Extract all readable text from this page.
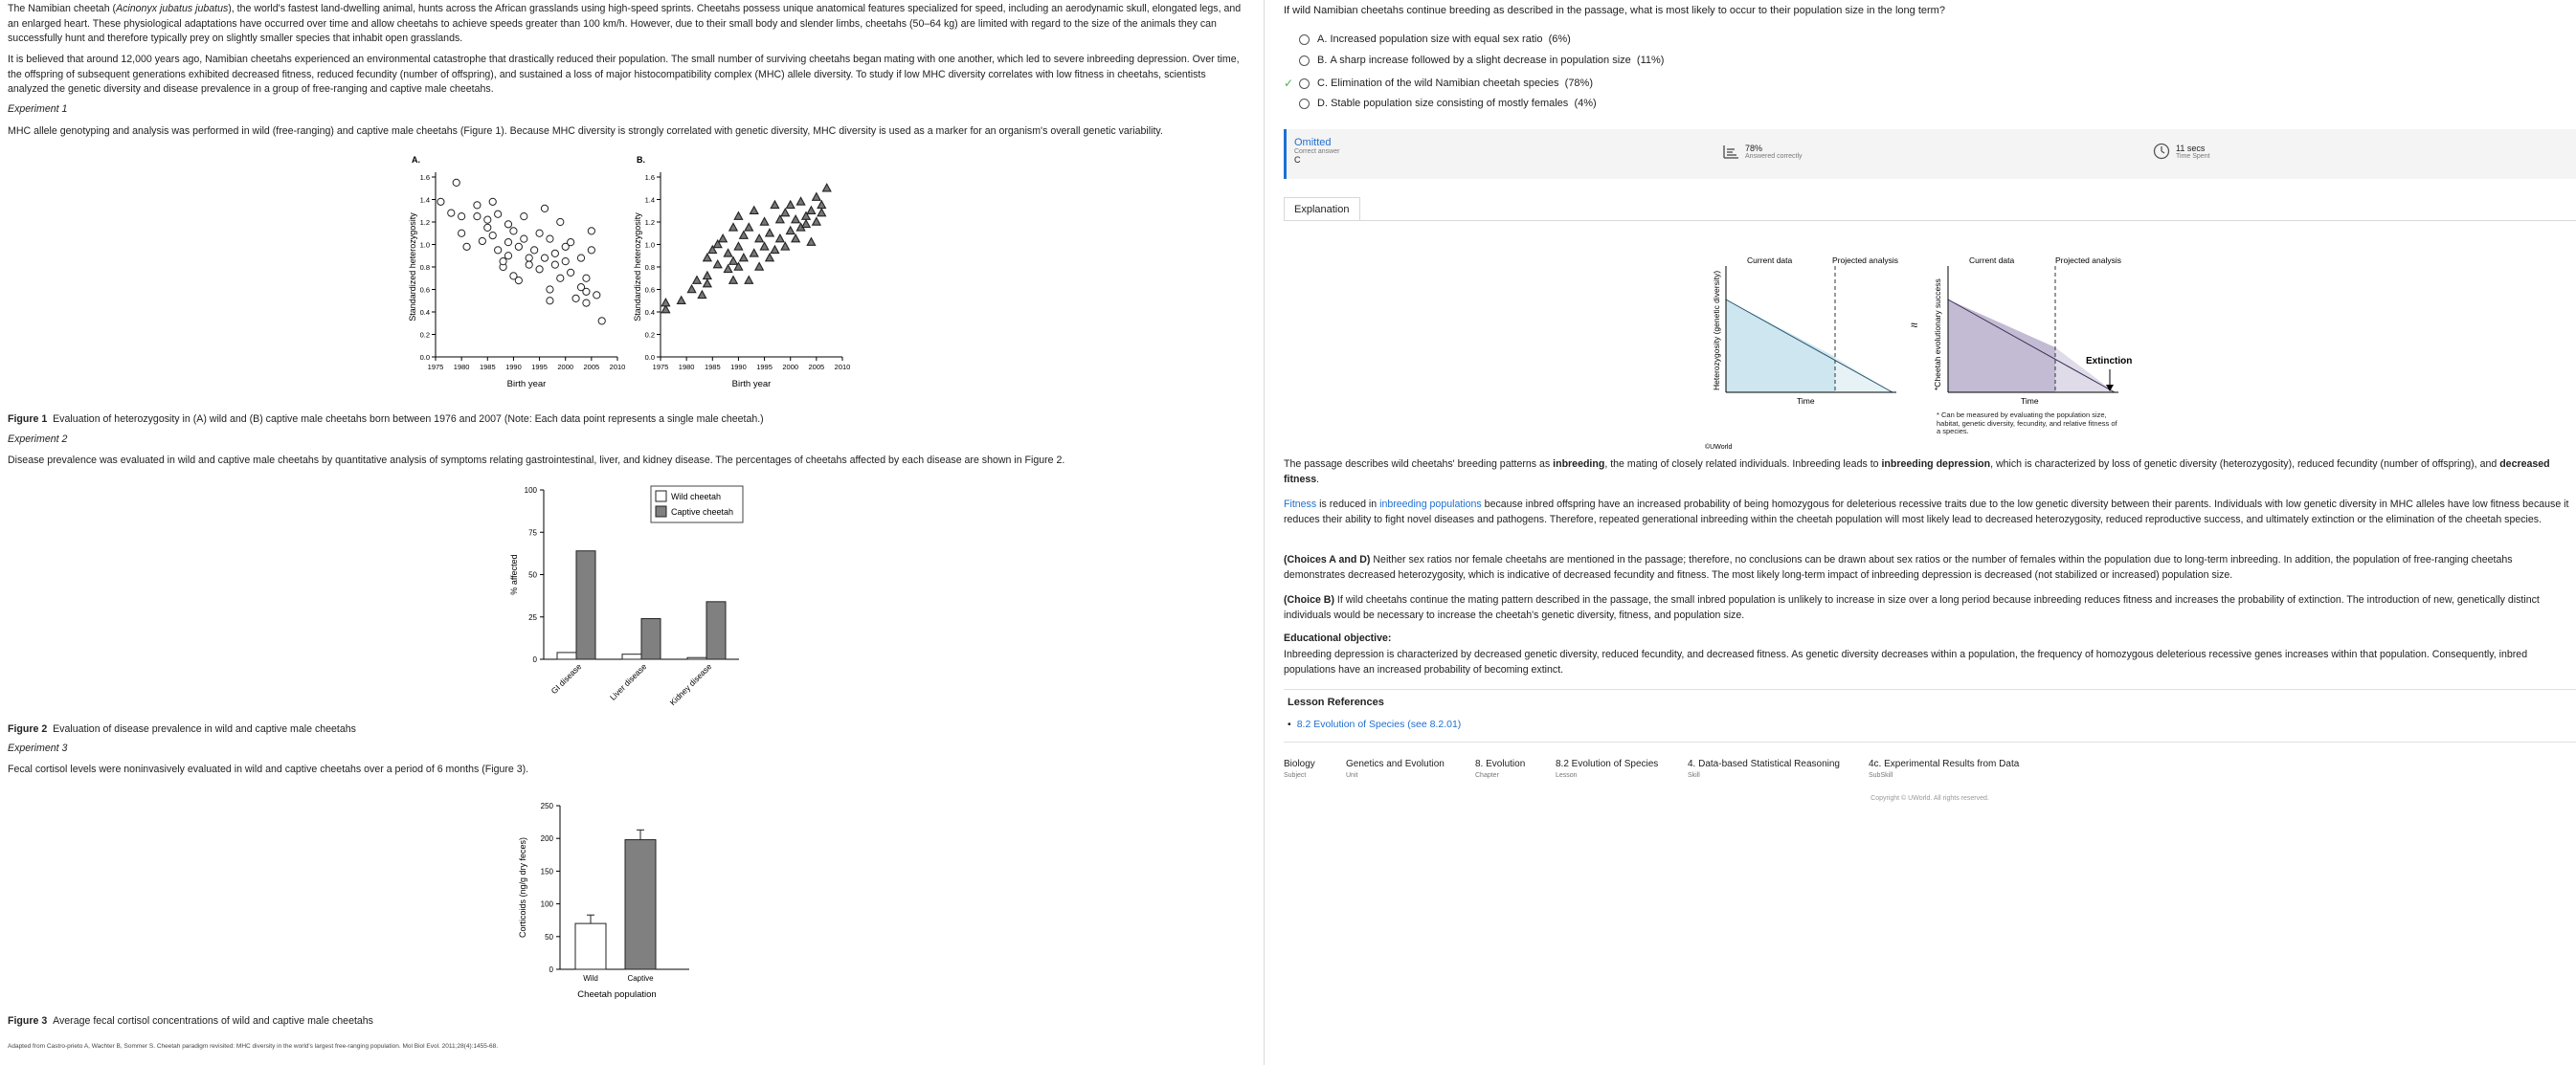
The Namibian cheetah (Acinonyx jubatus jubatus), the world's fastest land-dwelling animal, hunts across the African grasslands using high-speed sprints. Cheetahs possess unique anatomical features specialized for speed, including an aerodynamic skull, elongated legs, and an enlarged heart. These physiological adaptations have occurred over time and allow cheetahs to achieve speeds greater than 100 km/h. However, due to their small body and slender limbs, cheetahs (50–64 kg) are limited with regard to the size of the animals they can successfully hunt and therefore typically prey on slightly smaller species that inhabit open grasslands.

It is believed that around 12,000 years ago, Namibian cheetahs experienced an environmental catastrophe that drastically reduced their population. The small number of surviving cheetahs began mating with one another, which led to severe inbreeding depression. Over time, the offspring of subsequent generations exhibited decreased fitness, reduced fecundity (number of offspring), and sustained a loss of major histocompatibility complex (MHC) allele diversity. To study if low MHC diversity correlates with low fitness in cheetahs, scientists analyzed the genetic diversity and disease prevalence in a group of free-ranging and captive male cheetahs.

Experiment 1

MHC allele genotyping and analysis was performed in wild (free-ranging) and captive male cheetahs (Figure 1). Because MHC diversity is strongly correlated with genetic diversity, MHC diversity is used as a marker for an organism's overall genetic variability.

A.
0.0
0.2
0.4
0.6
0.8
1.0
1.2
1.4
1.6
1975 1980 1985 1990 1995 2000 2005 2010
Birth year
Standardized heterozygosity
B.
0.0
0.2
0.4
0.6
0.8
1.0
1.2
1.4
1.6
1975 1980 1985 1990 1995 2000 2005 2010
Birth year
Standardized heterozygosity
Figure 1 Evaluation of heterozygosity in (A) wild and (B) captive male cheetahs born between 1976 and 2007 (Note: Each data point represents a single male cheetah.)
Experiment 2

Disease prevalence was evaluated in wild and captive male cheetahs by quantitative analysis of symptoms relating gastrointestinal, liver, and kidney disease. The percentages of cheetahs affected by each disease are shown in Figure 2.

0
25
50
75
100
% affected
GI disease	Liver disease Kidney disease
Wild cheetah
Captive cheetah
Figure 2 Evaluation of disease prevalence in wild and captive male cheetahs
Experiment 3

Fecal cortisol levels were noninvasively evaluated in wild and captive cheetahs over a period of 6 months (Figure 3).

0
50
100
150
200
250
Corticoids (ng/g dry feces)
Wild	Captive
Cheetah population
Figure 3 Average fecal cortisol concentrations of wild and captive male cheetahs
Adapted from Castro-prieto A, Wachter B, Sommer S. Cheetah paradigm revisited: MHC diversity in the world's largest free-ranging population. Mol Biol Evol. 2011;28(4):1455-68.
If wild Namibian cheetahs continue breeding as described in the passage, what is most likely to occur to their population size in the long term?
A.
Increased population size with equal sex ratio
(6%)
B.
A sharp increase followed by a slight decrease in population size
(11%)
✓	C.
Elimination of the wild Namibian cheetah species
(78%)
D.
Stable population size consisting of mostly females
(4%)
Omitted
Correct answer
C
78%
Answered correctly
11 secs
Time Spent
Explanation
Current data	Projected analysis	Current data	Projected analysis
Heterozygosity (genetic diversity)
Time
≈ *Cheetah evolutionary success
Time
Extinction
* Can be measured by evaluating the population size, habitat, genetic diversity, fecundity, and relative fitness of a species.
©UWorld

The passage describes wild cheetahs' breeding patterns as inbreeding, the mating of closely related individuals. Inbreeding leads to inbreeding depression, which is characterized by loss of genetic diversity (heterozygosity), reduced fecundity (number of offspring), and decreased fitness.

Fitness is reduced in inbreeding populations because inbred offspring have an increased probability of being homozygous for deleterious recessive traits due to the low genetic diversity between their parents. Individuals with low genetic diversity in MHC alleles have low fitness because it reduces their ability to fight novel diseases and pathogens. Therefore, repeated generational inbreeding within the cheetah population will most likely lead to decreased heterozygosity, reduced reproductive success, and ultimately extinction or the elimination of the cheetah species.

(Choices A and D) Neither sex ratios nor female cheetahs are mentioned in the passage; therefore, no conclusions can be drawn about sex ratios or the number of females within the population due to long-term inbreeding. In addition, the population of free-ranging cheetahs demonstrates decreased heterozygosity, which is indicative of decreased fecundity and fitness. The most likely long-term impact of inbreeding depression is decreased (not stabilized or increased) population size.

(Choice B) If wild cheetahs continue the mating pattern described in the passage, the small inbred population is unlikely to increase in size over a long period because inbreeding reduces fitness and increases the probability of extinction. The introduction of new, genetically distinct individuals would be necessary to increase the cheetah's genetic diversity, fitness, and population size.

Educational objective:

Inbreeding depression is characterized by decreased genetic diversity, reduced fecundity, and decreased fitness. As genetic diversity decreases within a population, the frequency of homozygous deleterious recessive genes increases within that population. Consequently, inbred populations have an increased probability of becoming extinct.

Lesson References
• 8.2 Evolution of Species (see 8.2.01)
Biology
Subject
Genetics and Evolution
Unit
8. Evolution
Chapter
8.2 Evolution of Species
Lesson
4. Data-based Statistical Reasoning
Skill
4c. Experimental Results from Data
SubSkill
Copyright © UWorld. All rights reserved.
